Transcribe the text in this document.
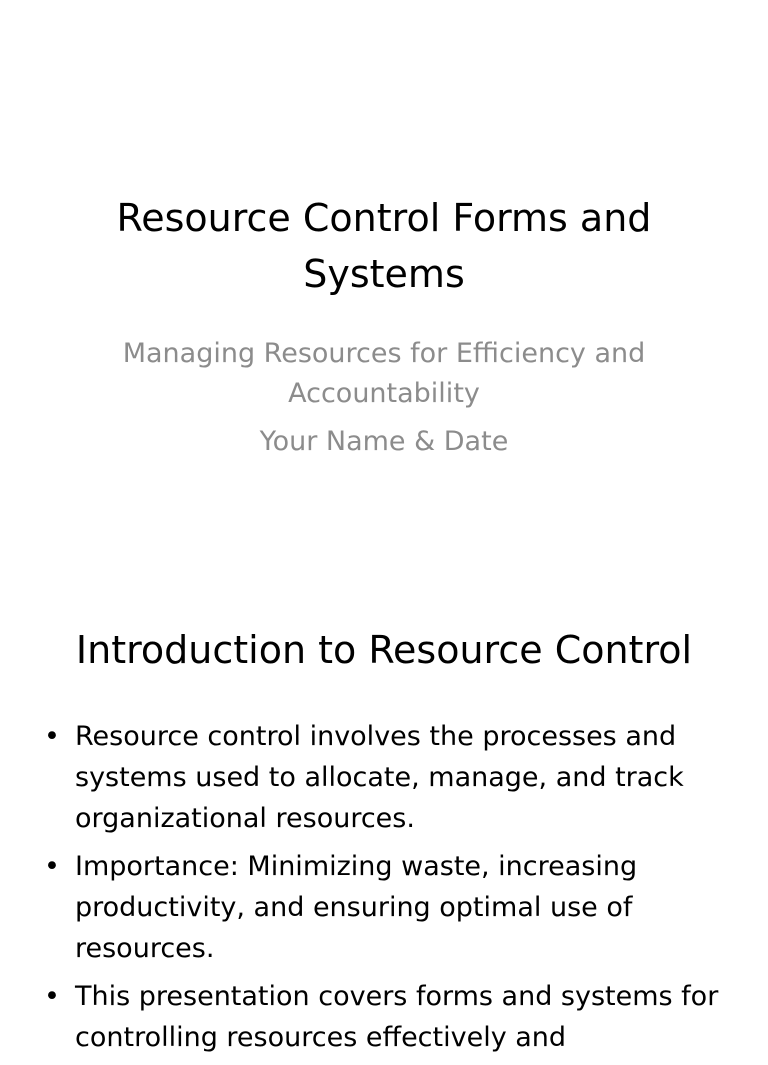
Resource Control Forms and Systems

Managing Resources for Efficiency and Accountability

Your Name & Date

Introduction to Resource Control
• Resource control involves the processes and systems used to allocate, manage, and track organizational resources.
• Importance: Minimizing waste, increasing productivity, and ensuring optimal use of resources.
• This presentation covers forms and systems for controlling resources effectively and
